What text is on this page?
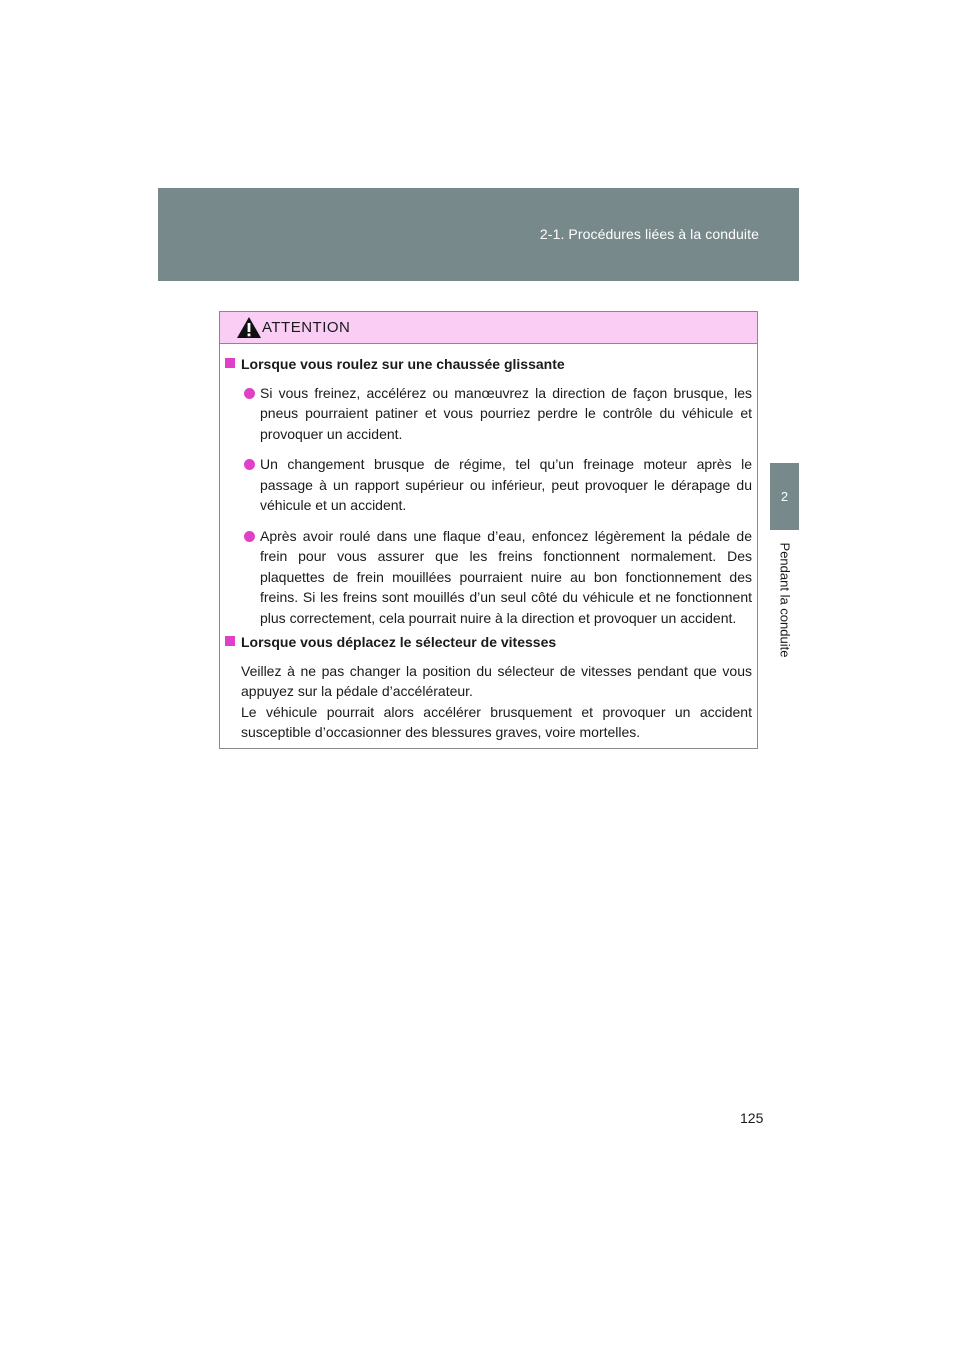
2-1. Procédures liées à la conduite
2
Pendant la conduite
ATTENTION
Lorsque vous roulez sur une chaussée glissante
Si vous freinez, accélérez ou manœuvrez la direction de façon brusque, les pneus pourraient patiner et vous pourriez perdre le contrôle du véhicule et provoquer un accident.
Un changement brusque de régime, tel qu’un freinage moteur après le passage à un rapport supérieur ou inférieur, peut provoquer le dérapage du véhicule et un accident.
Après avoir roulé dans une flaque d’eau, enfoncez légèrement la pédale de frein pour vous assurer que les freins fonctionnent normalement. Des plaquettes de frein mouillées pourraient nuire au bon fonctionnement des freins. Si les freins sont mouillés d’un seul côté du véhicule et ne fonctionnent plus correctement, cela pourrait nuire à la direction et provoquer un accident.
Lorsque vous déplacez le sélecteur de vitesses
Veillez à ne pas changer la position du sélecteur de vitesses pendant que vous appuyez sur la pédale d’accélérateur.
Le véhicule pourrait alors accélérer brusquement et provoquer un accident susceptible d’occasionner des blessures graves, voire mortelles.
125
